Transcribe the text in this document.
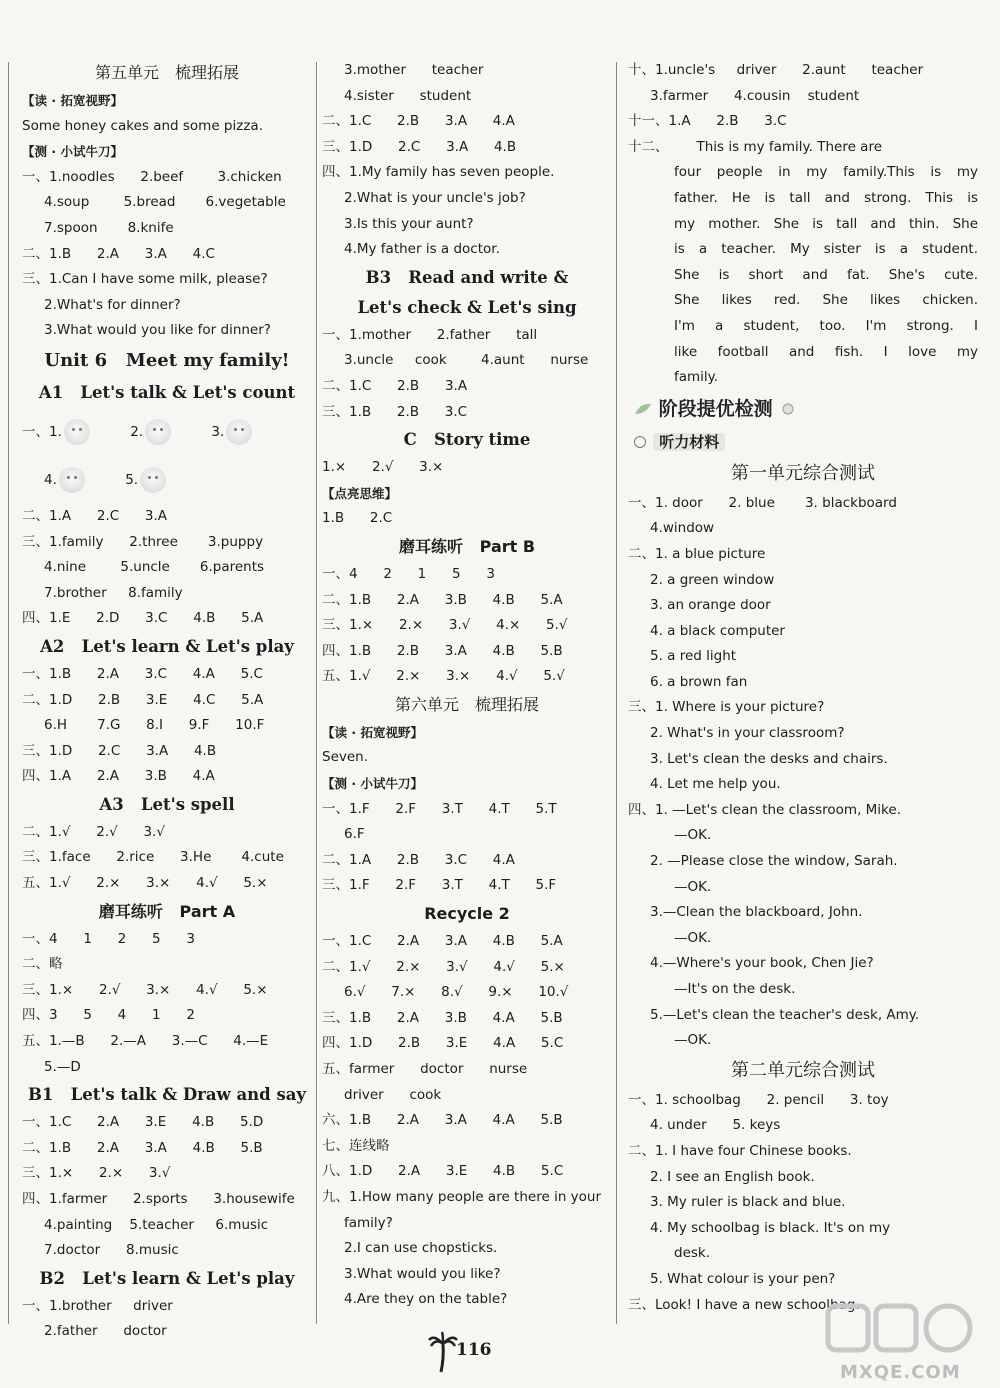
第五单元　梳理拓展
【读 · 拓宽视野】
Some honey cakes and some pizza.
【测 · 小试牛刀】
一、1.noodles      2.beef        3.chicken
4.soup        5.bread       6.vegetable
7.spoon       8.knife
二、1.B      2.A      3.A      4.C
三、1.Can I have some milk, please?
2.What's for dinner?
3.What would you like for dinner?
Unit 6   Meet my family!
A1   Let's talk & Let's count
一、1.	2.	3.
4.	5.
二、1.A      2.C      3.A
三、1.family      2.three       3.puppy
4.nine        5.uncle       6.parents
7.brother     8.family
四、1.E      2.D      3.C      4.B      5.A
A2   Let's learn & Let's play
一、1.B      2.A      3.C      4.A      5.C
二、1.D      2.B      3.E      4.C      5.A
6.H       7.G      8.I      9.F      10.F
三、1.D      2.C      3.A      4.B
四、1.A      2.A      3.B      4.A
A3   Let's spell
二、1.√      2.√      3.√
三、1.face      2.rice      3.He       4.cute
五、1.√      2.×      3.×      4.√      5.×
磨耳练听   Part A
一、4      1      2      5      3
二、略
三、1.×      2.√      3.×      4.√      5.×
四、3      5      4      1      2
五、1.—B      2.—A      3.—C      4.—E
5.—D
B1   Let's talk & Draw and say
一、1.C      2.A      3.E      4.B      5.D
二、1.B      2.A      3.A      4.B      5.B
三、1.×      2.×      3.√
四、1.farmer      2.sports      3.housewife
4.painting    5.teacher     6.music
7.doctor      8.music
B2   Let's learn & Let's play
一、1.brother     driver
2.father      doctor
3.mother      teacher
4.sister      student
二、1.C      2.B      3.A      4.A
三、1.D      2.C      3.A      4.B
四、1.My family has seven people.
2.What is your uncle's job?
3.Is this your aunt?
4.My father is a doctor.
B3   Read and write &
Let's check & Let's sing
一、1.mother      2.father      tall
3.uncle     cook        4.aunt      nurse
二、1.C      2.B      3.A
三、1.B      2.B      3.C
C   Story time
1.×      2.√      3.×
【点亮思维】
1.B      2.C
磨耳练听   Part B
一、4      2      1      5      3
二、1.B      2.A      3.B      4.B      5.A
三、1.×      2.×      3.√      4.×      5.√
四、1.B      2.B      3.A      4.B      5.B
五、1.√      2.×      3.×      4.√      5.√
第六单元　梳理拓展
【读 · 拓宽视野】
Seven.
【测 · 小试牛刀】
一、1.F      2.F      3.T      4.T      5.T
6.F
二、1.A      2.B      3.C      4.A
三、1.F      2.F      3.T      4.T      5.F
Recycle 2
一、1.C      2.A      3.A      4.B      5.A
二、1.√      2.×      3.√      4.√      5.×
6.√      7.×      8.√      9.×      10.√
三、1.B      2.A      3.B      4.A      5.B
四、1.D      2.B      3.E      4.A      5.C
五、farmer      doctor      nurse
driver      cook
六、1.B      2.A      3.A      4.A      5.B
七、连线略
八、1.D      2.A      3.E      4.B      5.C
九、1.How many people are there in your
family?
2.I can use chopsticks.
3.What would you like?
4.Are they on the table?
十、1.uncle's     driver      2.aunt      teacher
3.farmer      4.cousin    student
十一、1.A      2.B      3.C
十二、 This is my family. There are
four people in my family.This is my
father. He is tall and strong. This is
my mother. She is tall and thin. She
is a teacher. My sister is a student.
She is short and fat. She's cute.
She likes red. She likes chicken.
I'm a student, too. I'm strong. I
like football and fish. I love my
family.
阶段提优检测
听力材料
第一单元综合测试
一、1. door      2. blue       3. blackboard
4.window
二、1. a blue picture
2. a green window
3. an orange door
4. a black computer
5. a red light
6. a brown fan
三、1. Where is your picture?
2. What's in your classroom?
3. Let's clean the desks and chairs.
4. Let me help you.
四、1. —Let's clean the classroom, Mike.
—OK.
2. —Please close the window, Sarah.
—OK.
3.—Clean the blackboard, John.
—OK.
4.—Where's your book, Chen Jie?
—It's on the desk.
5.—Let's clean the teacher's desk, Amy.
—OK.
第二单元综合测试
一、1. schoolbag      2. pencil      3. toy
4. under      5. keys
二、1. I have four Chinese books.
2. I see an English book.
3. My ruler is black and blue.
4. My schoolbag is black. It's on my
desk.
5. What colour is your pen?
三、Look! I have a new schoolbag.
116
MXQE.COM
